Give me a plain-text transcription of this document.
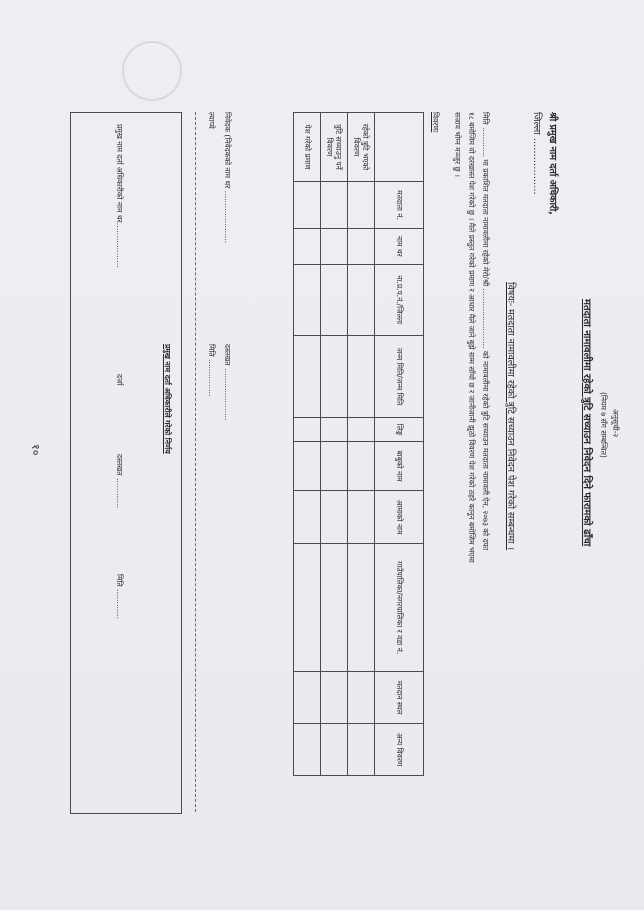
अनुसूची-२
(नियम ७ सँग सम्बन्धित)
मतदाता नामावलीमा रहेको त्रुटि सच्याउन निवेदन दिने फारामको ढाँचा
श्री प्रमुख नाम दर्ता अधिकारी,
जिल्ला ………………
विषयः- मतदाता नामावलीमा रहेको त्रुटि सच्याउन निवेदन पेश गरेको सम्बन्धमा ।
मिति ………… मा प्रकाशित मतदाता नामावलीमा रहेको मेरो/श्री …………………… को नामावलीमा रहेको त्रुटि सच्याउन मतदाता नामावली ऐन, २०७३ को दफा
१८ बमोजिम यो दरखास्त पेश गरेको छु । मैले प्रस्तुत गरेको प्रमाण र आधार मैले जाने बुझे सम्म साँचो छ र जानीजानी झुठो विवरण पेश गरेको ठहरे कानून बमोजिम भएमा
सजाय भोग्न मञ्जुर छु ।
विवरणः
	मतदाता नं.	नाम थर	ना.प्र.प.नं./जिल्ला	जन्म मिति/जन्म मिति	लिङ्ग	बाबुको नाम	आमाको नाम	गाउँपालिका/नगरपालिका र वडा नं.	मतदान स्थल	अन्य विवरण
रहेको त्रुटि भएको विवरण										
त्रुटि सच्याउनु पर्ने विवरण										
पेश गरेको प्रमाण										
निवेदक (निवेदकको नाम थर …………………
दस्तखत …………………
ल्याप्चे
मिति ……………
प्रमुख नाम दर्ता अधिकारीले गरेको निर्णय
प्रमुख नाम दर्ता अधिकारीको नाम थर………………
दर्जा
दस्तखत …………
मिति …………
१०
